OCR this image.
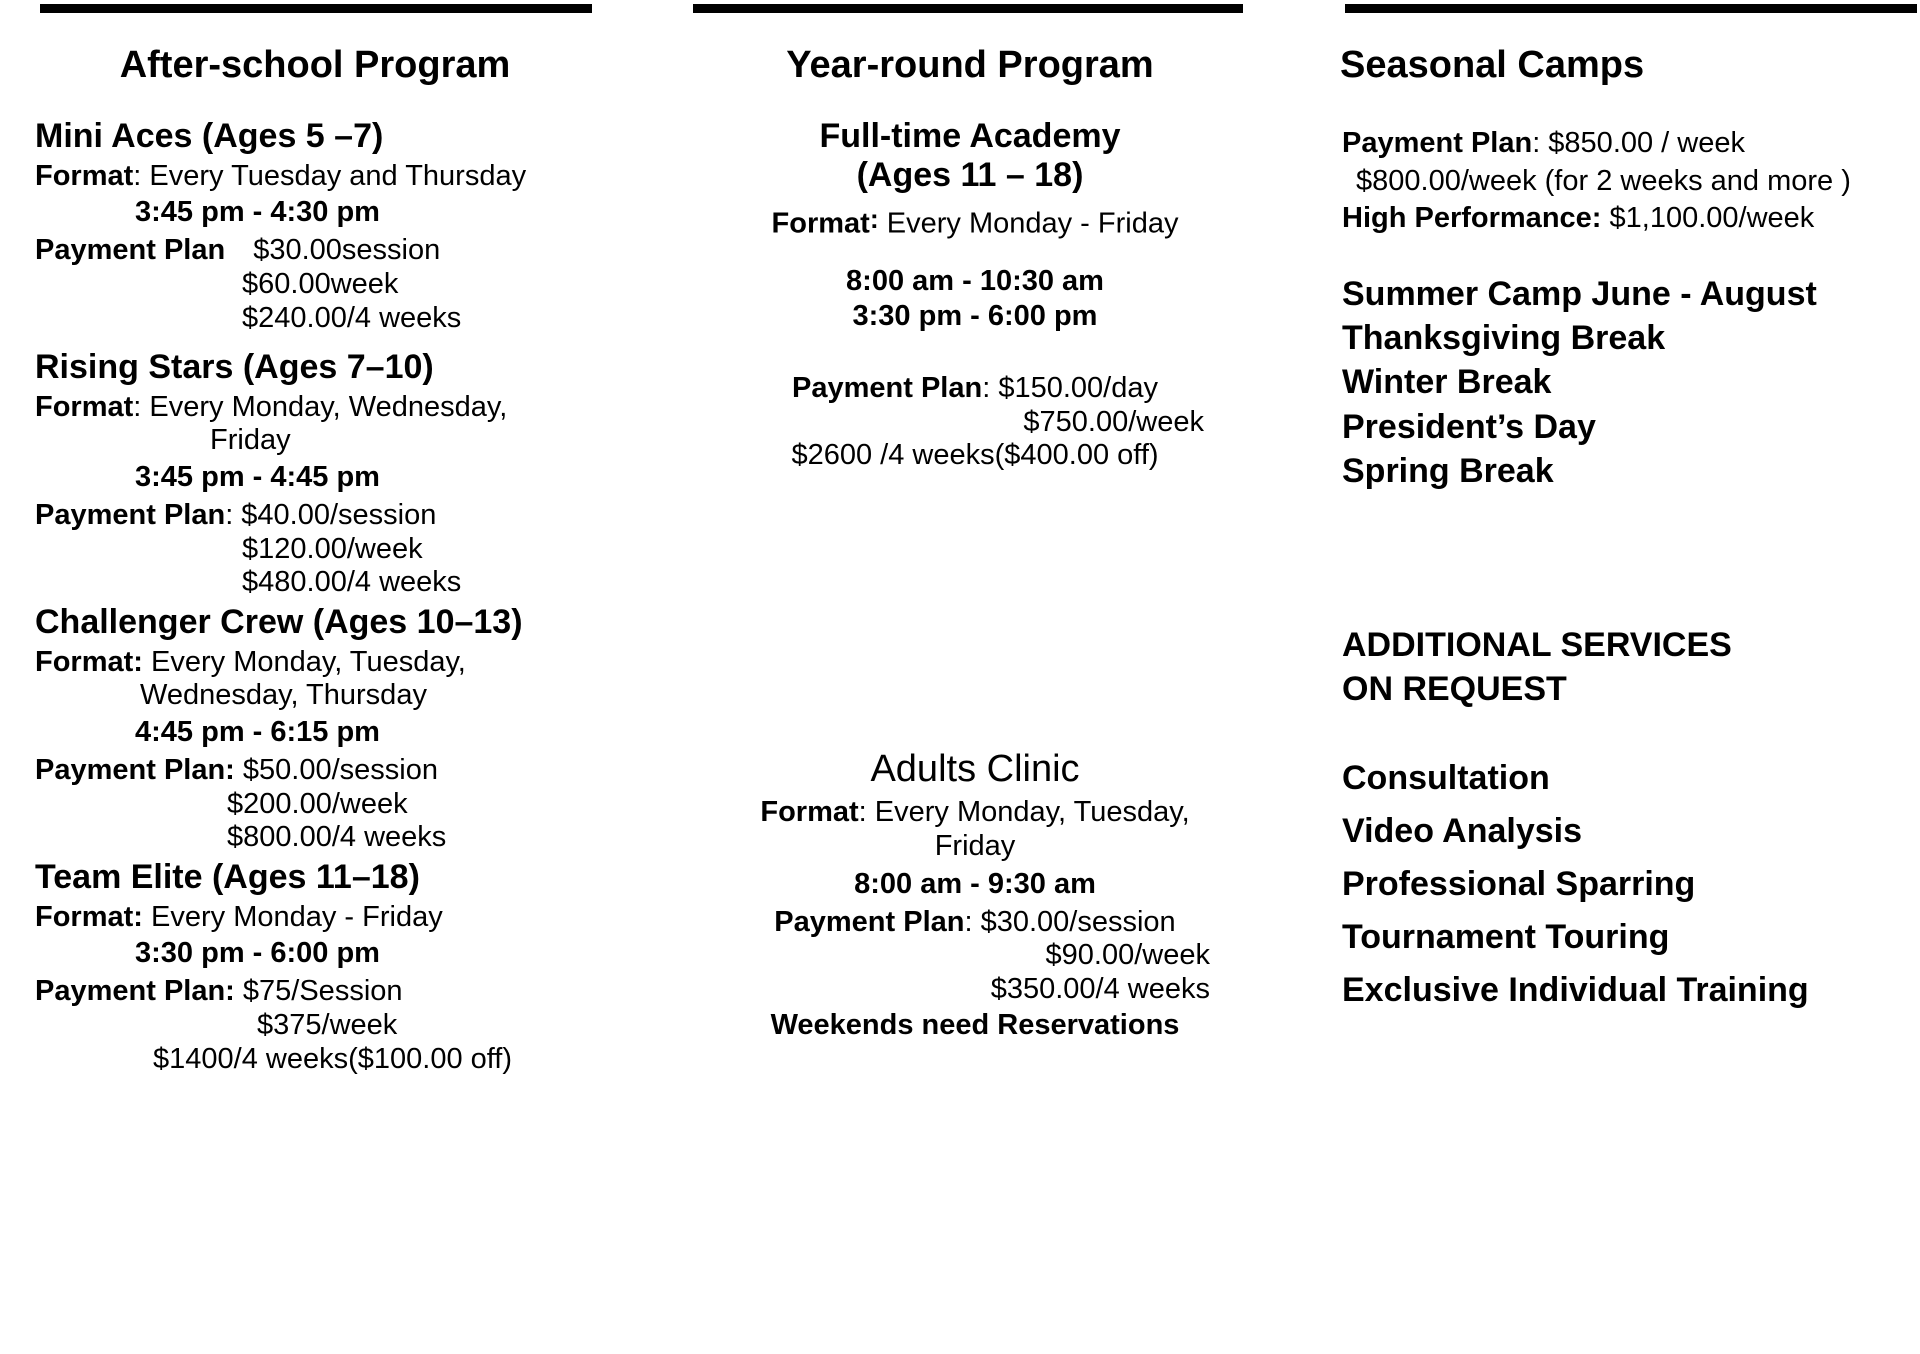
After-school Program
Mini Aces (Ages 5 –7)
Format: Every Tuesday and Thursday
3:45 pm - 4:30 pm
Payment Plan $30.00session
$60.00week
$240.00/4 weeks
Rising Stars (Ages 7–10)
Format: Every Monday, Wednesday,
Friday
3:45 pm - 4:45 pm
Payment Plan: $40.00/session
$120.00/week
$480.00/4 weeks
Challenger Crew (Ages 10–13)
Format: Every Monday, Tuesday,
Wednesday, Thursday
4:45 pm - 6:15 pm
Payment Plan: $50.00/session
$200.00/week
$800.00/4 weeks
Team Elite (Ages 11–18)
Format: Every Monday - Friday
3:30 pm - 6:00 pm
Payment Plan: $75/Session
$375/week
$1400/4 weeks($100.00 off)
Year-round Program
Full-time Academy
(Ages 11 – 18)
Format: Every Monday - Friday
8:00 am - 10:30 am
3:30 pm - 6:00 pm
Payment Plan: $150.00/day
$750.00/week
$2600 /4 weeks($400.00 off)
Adults Clinic
Format: Every Monday, Tuesday,
Friday
8:00 am - 9:30 am
Payment Plan: $30.00/session
$90.00/week
$350.00/4 weeks
Weekends need Reservations
Seasonal Camps
Payment Plan: $850.00 / week
$800.00/week (for 2 weeks and more )
High Performance: $1,100.00/week
Summer Camp June - August
Thanksgiving Break
Winter Break
President’s Day
Spring Break
ADDITIONAL SERVICES
ON REQUEST
Consultation
Video Analysis
Professional Sparring
Tournament Touring
Exclusive Individual Training
